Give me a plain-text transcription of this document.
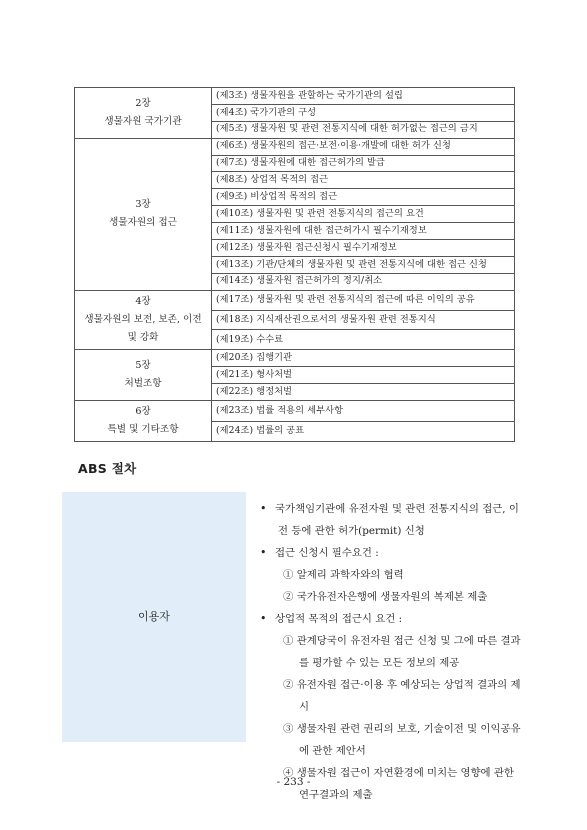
2장
생물자원 국가기관	(제3조) 생물자원을 관할하는 국가기관의 설립
	(제4조) 국가기관의 구성
	(제5조) 생물자원 및 관련 전통지식에 대한 허가없는 접근의 금지

3장
생물자원의 접근	(제6조) 생물자원의 접근·보전·이용·개발에 대한 허가 신청
	(제7조) 생물자원에 대한 접근허가의 발급
	(제8조) 상업적 목적의 접근
	(제9조) 비상업적 목적의 접근
	(제10조) 생물자원 및 관련 전통지식의 접근의 요건
	(제11조) 생물자원에 대한 접근허가시 필수기재정보
	(제12조) 생물자원 접근신청시 필수기재정보
	(제13조) 기관/단체의 생물자원 및 관련 전통지식에 대한 접근 신청
	(제14조) 생물자원 접근허가의 정지/취소

4장
생물자원의 보전, 보존, 이전
및 강화	(제17조) 생물자원 및 관련 전통지식의 접근에 따른 이익의 공유
	(제18조) 지식재산권으로서의 생물자원 관련 전통지식
	(제19조) 수수료

5장
처벌조항	(제20조) 집행기관
	(제21조) 형사처벌
	(제22조) 행정처벌

6장
특별 및 기타조항	(제23조) 법률 적용의 세부사항
	(제24조) 법률의 공표
ABS 절차
이용자
• 국가책임기관에 유전자원 및 관련 전통지식의 접근, 이
전 등에 관한 허가(permit) 신청
• 접근 신청시 필수요건 :
① 알제리 과학자와의 협력
② 국가유전자은행에 생물자원의 복제본 제출
• 상업적 목적의 접근시 요건 :
① 관계당국이 유전자원 접근 신청 및 그에 따른 결과
를 평가할 수 있는 모든 정보의 제공
② 유전자원 접근·이용 후 예상되는 상업적 결과의 제시
③ 생물자원 관련 권리의 보호, 기술이전 및 이익공유
에 관한 제안서
④ 생물자원 접근이 자연환경에 미치는 영향에 관한
연구결과의 제출
- 233 -
